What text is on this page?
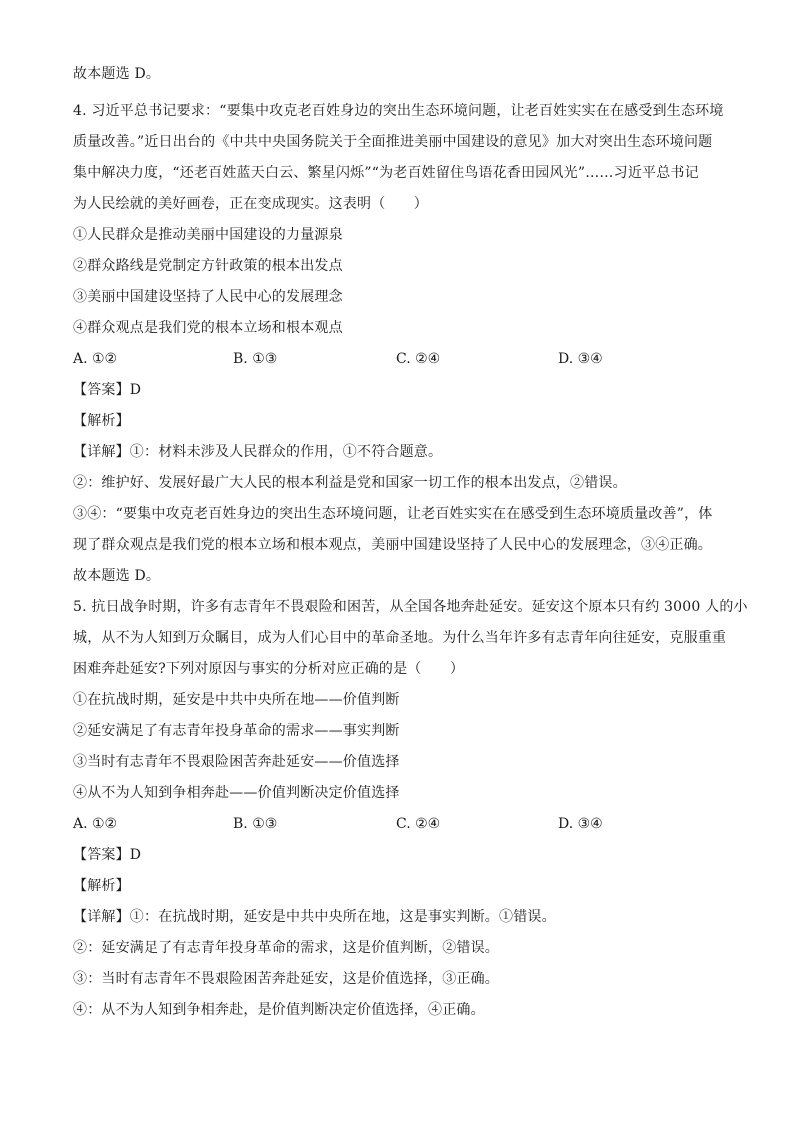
故本题选 D。
4. 习近平总书记要求：“要集中攻克老百姓身边的突出生态环境问题，让老百姓实实在在感受到生态环境
质量改善。”近日出台的《中共中央国务院关于全面推进美丽中国建设的意见》加大对突出生态环境问题
集中解决力度，“还老百姓蓝天白云、繁星闪烁”“为老百姓留住鸟语花香田园风光”……习近平总书记
为人民绘就的美好画卷，正在变成现实。这表明（　　）
①人民群众是推动美丽中国建设的力量源泉
②群众路线是党制定方针政策的根本出发点
③美丽中国建设坚持了人民中心的发展理念
④群众观点是我们党的根本立场和根本观点
A. ①②	B. ①③	C. ②④	D. ③④
【答案】D
【解析】
【详解】①：材料未涉及人民群众的作用，①不符合题意。
②：维护好、发展好最广大人民的根本利益是党和国家一切工作的根本出发点，②错误。
③④：“要集中攻克老百姓身边的突出生态环境问题，让老百姓实实在在感受到生态环境质量改善”，体
现了群众观点是我们党的根本立场和根本观点，美丽中国建设坚持了人民中心的发展理念，③④正确。
故本题选 D。
5. 抗日战争时期，许多有志青年不畏艰险和困苦，从全国各地奔赴延安。延安这个原本只有约 3000 人的小
城，从不为人知到万众瞩目，成为人们心目中的革命圣地。为什么当年许多有志青年向往延安，克服重重
困难奔赴延安?下列对原因与事实的分析对应正确的是（　　）
①在抗战时期，延安是中共中央所在地——价值判断
②延安满足了有志青年投身革命的需求——事实判断
③当时有志青年不畏艰险困苦奔赴延安——价值选择
④从不为人知到争相奔赴——价值判断决定价值选择
A. ①②	B. ①③	C. ②④	D. ③④
【答案】D
【解析】
【详解】①：在抗战时期，延安是中共中央所在地，这是事实判断。①错误。
②：延安满足了有志青年投身革命的需求，这是价值判断，②错误。
③：当时有志青年不畏艰险困苦奔赴延安，这是价值选择，③正确。
④：从不为人知到争相奔赴，是价值判断决定价值选择，④正确。
